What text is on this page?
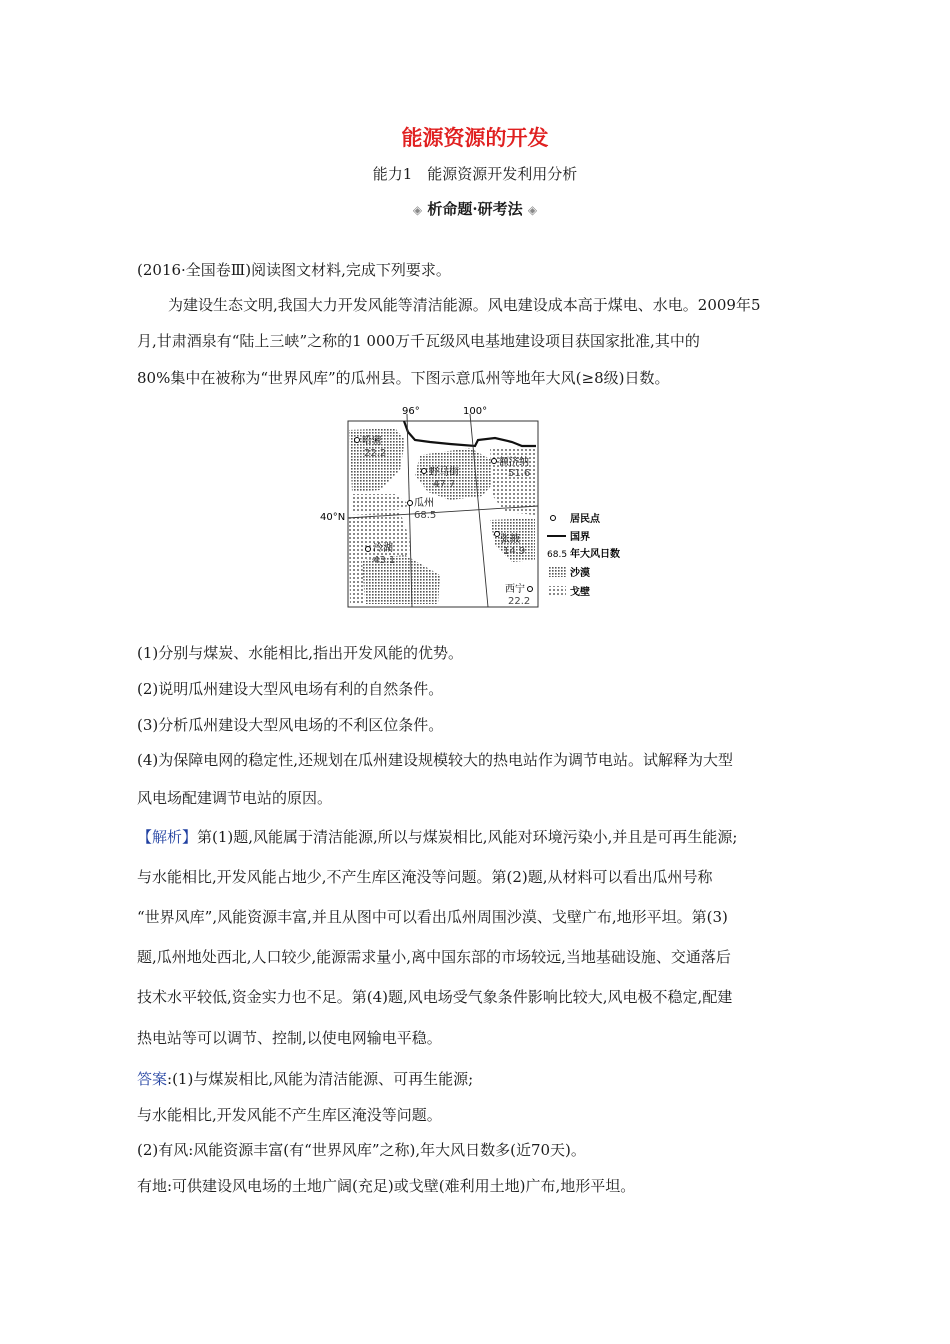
能源资源的开发
能力1　能源资源开发利用分析
◈ 析命题·研考法 ◈
(2016·全国卷Ⅲ)阅读图文材料,完成下列要求。
为建设生态文明,我国大力开发风能等清洁能源。风电建设成本高于煤电、水电。2009年5
月,甘肃酒泉有“陆上三峡”之称的1 000万千瓦级风电基地建设项目获国家批准,其中的
80%集中在被称为“世界风库”的瓜州县。下图示意瓜州等地年大风(≥8级)日数。
96°	100°
40°N
哈密
22.2
野马街
47.7
额济纳
51.6
瓜州
68.5
张掖
14.9
冷湖
43.1
西宁
22.2
居民点
国界
68.5 年大风日数
沙漠
戈壁
(1)分别与煤炭、水能相比,指出开发风能的优势。
(2)说明瓜州建设大型风电场有利的自然条件。
(3)分析瓜州建设大型风电场的不利区位条件。
(4)为保障电网的稳定性,还规划在瓜州建设规模较大的热电站作为调节电站。试解释为大型
风电场配建调节电站的原因。
【解析】第(1)题,风能属于清洁能源,所以与煤炭相比,风能对环境污染小,并且是可再生能源;
与水能相比,开发风能占地少,不产生库区淹没等问题。第(2)题,从材料可以看出瓜州号称
“世界风库”,风能资源丰富,并且从图中可以看出瓜州周围沙漠、戈壁广布,地形平坦。第(3)
题,瓜州地处西北,人口较少,能源需求量小,离中国东部的市场较远,当地基础设施、交通落后
技术水平较低,资金实力也不足。第(4)题,风电场受气象条件影响比较大,风电极不稳定,配建
热电站等可以调节、控制,以使电网输电平稳。
答案:(1)与煤炭相比,风能为清洁能源、可再生能源;
与水能相比,开发风能不产生库区淹没等问题。
(2)有风:风能资源丰富(有“世界风库”之称),年大风日数多(近70天)。
有地:可供建设风电场的土地广阔(充足)或戈壁(难利用土地)广布,地形平坦。
